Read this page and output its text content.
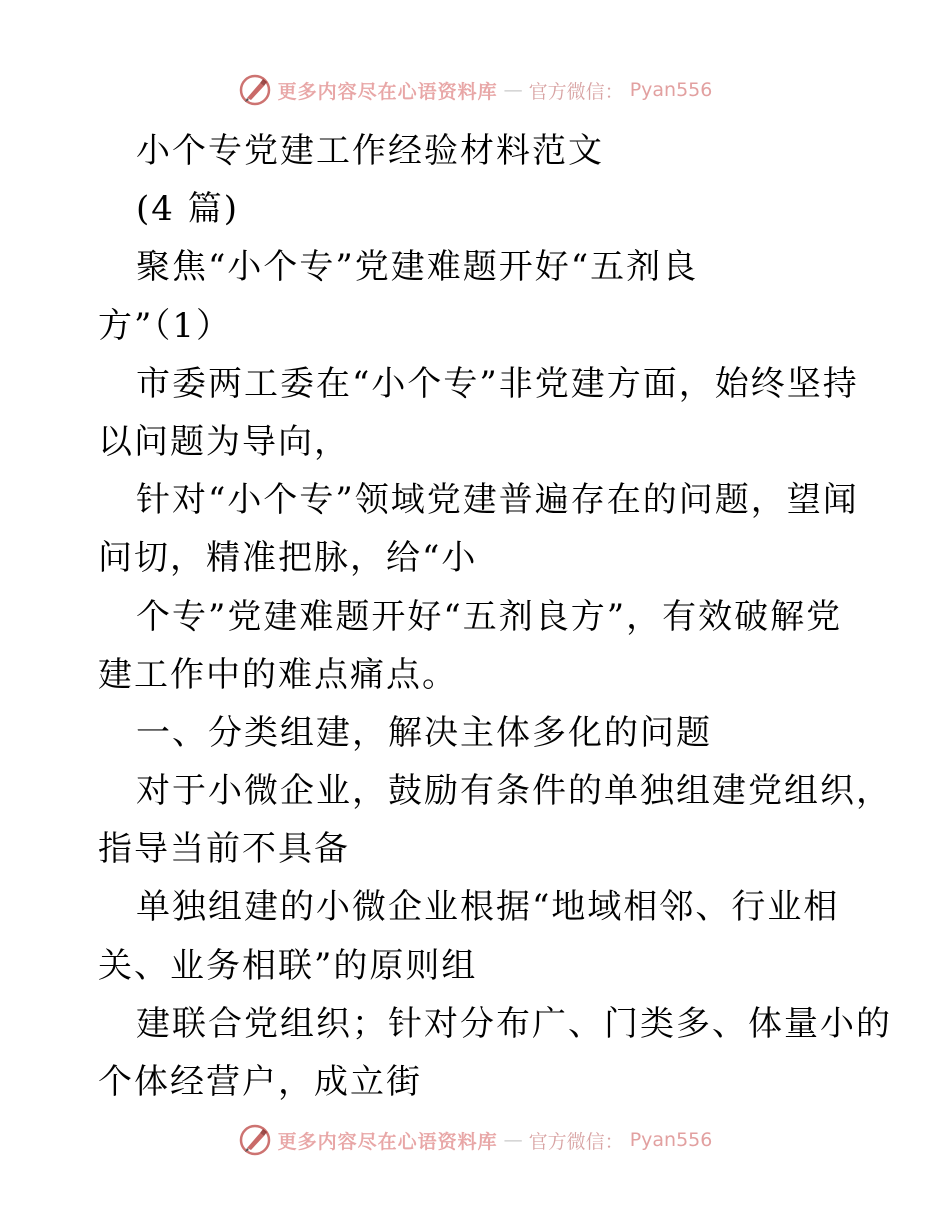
更多内容尽在心语资料库 — 官方微信： Pyan556
小个专党建工作经验材料范文
(4 篇)
聚焦“小个专”党建难题开好“五剂良
方”（1）
市委两工委在“小个专”非党建方面，始终坚持
以问题为导向，
针对“小个专”领域党建普遍存在的问题，望闻
问切，精准把脉，给“小
个专”党建难题开好“五剂良方”，有效破解党
建工作中的难点痛点。
一、分类组建，解决主体多化的问题
对于小微企业，鼓励有条件的单独组建党组织，
指导当前不具备
单独组建的小微企业根据“地域相邻、行业相
关、业务相联”的原则组
建联合党组织；针对分布广、门类多、体量小的
个体经营户，成立街
更多内容尽在心语资料库 — 官方微信： Pyan556
